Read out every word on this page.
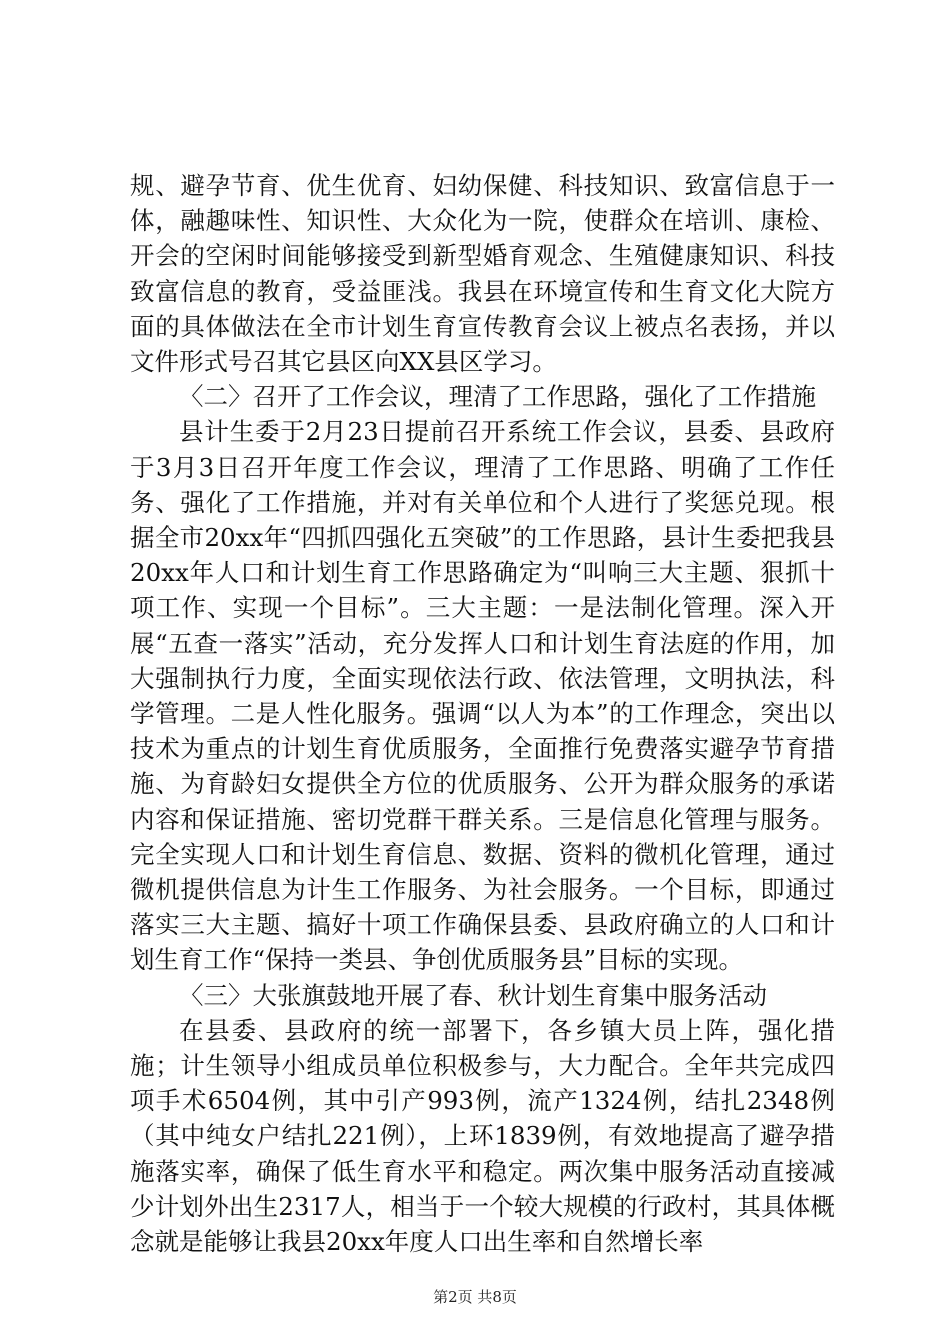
规、避孕节育、优生优育、妇幼保健、科技知识、致富信息于一体，融趣味性、知识性、大众化为一院，使群众在培训、康检、开会的空闲时间能够接受到新型婚育观念、生殖健康知识、科技致富信息的教育，受益匪浅。我县在环境宣传和生育文化大院方面的具体做法在全市计划生育宣传教育会议上被点名表扬，并以文件形式号召其它县区向XX县区学习。

〈二〉召开了工作会议，理清了工作思路，强化了工作措施

县计生委于2月23日提前召开系统工作会议，县委、县政府于3月3日召开年度工作会议，理清了工作思路、明确了工作任务、强化了工作措施，并对有关单位和个人进行了奖惩兑现。根据全市20xx年“四抓四强化五突破”的工作思路，县计生委把我县20xx年人口和计划生育工作思路确定为“叫响三大主题、狠抓十项工作、实现一个目标”。三大主题：一是法制化管理。深入开展“五查一落实”活动，充分发挥人口和计划生育法庭的作用，加大强制执行力度，全面实现依法行政、依法管理，文明执法，科学管理。二是人性化服务。强调“以人为本”的工作理念，突出以技术为重点的计划生育优质服务，全面推行免费落实避孕节育措施、为育龄妇女提供全方位的优质服务、公开为群众服务的承诺内容和保证措施、密切党群干群关系。三是信息化管理与服务。完全实现人口和计划生育信息、数据、资料的微机化管理，通过微机提供信息为计生工作服务、为社会服务。一个目标，即通过落实三大主题、搞好十项工作确保县委、县政府确立的人口和计划生育工作“保持一类县、争创优质服务县”目标的实现。

〈三〉大张旗鼓地开展了春、秋计划生育集中服务活动

在县委、县政府的统一部署下，各乡镇大员上阵，强化措施；计生领导小组成员单位积极参与，大力配合。全年共完成四项手术6504例，其中引产993例，流产1324例，结扎2348例（其中纯女户结扎221例），上环1839例，有效地提高了避孕措施落实率，确保了低生育水平和稳定。两次集中服务活动直接减少计划外出生2317人，相当于一个较大规模的行政村，其具体概念就是能够让我县20xx年度人口出生率和自然增长率

第2页 共8页
